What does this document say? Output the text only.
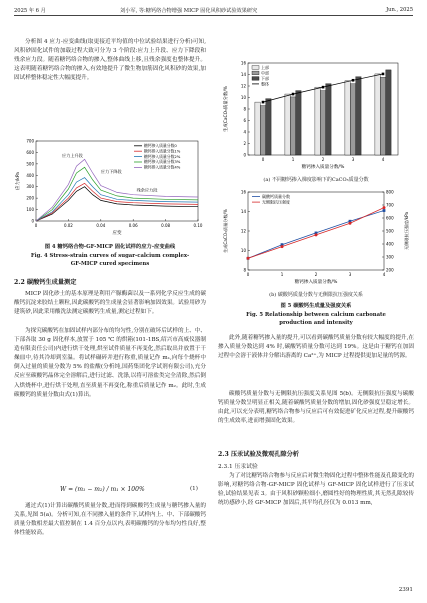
2025 年 6 月	刘小军, 等:糖钙络合物增强 MICP 固化风积砂试验效果研究	Jun., 2025

分析图 4 应力-应变曲线(取更接近平均值的中位试验结果进行分析)可知,风积砂固化试件的加载过程大致可分为 3 个阶段:应力上升段、应力下降段和残余应力段。随着糖钙络合物的掺入,整体曲线上移,且残余强度也整体提升。这表明随着糖钙络合物的掺入,有效地提升了微生物加筋固化风积砂的效果,加固试样整体稳定性大幅度提升。

0
100
200
300
400
500
600
700
0	0.02	0.04	0.06	0.08	0.10
应力/kPa
应变
应力上升段
应力下降段
残余应力段
糖钙掺入质量分数0
糖钙掺入质量分数1%
糖钙掺入质量分数2%
糖钙掺入质量分数3%
糖钙掺入质量分数4%
图 4 糖钙络合物-GF-MICP 固化试样的应力-应变曲线
Fig. 4 Stress-strain curves of sugar-calcium complex-
GF-MICP cured specimens
2.2 碳酸钙生成量测定

MICP 固化砂土的基本原理是利用产脲酶菌以及一系列化学反应生成的碳酸钙沉淀来胶结土颗粒,因此碳酸钙的生成量会显著影响加固效果。试验用砂为建筑砂,因此采用酸洗法测定碳酸钙生成量,测定过程如下。

为探究碳酸钙在加固试样内部分布的均匀性,分别在破坏后试样的上、中、下部各取 30 g 固化样本,放置于 105 ℃ 的烘箱(101-1BS,绍兴市高威仪器制造有限责任公司)内进行烘干处理,烘至试件质量不再变化,然后取出并放置于干燥皿中,待其冷却到室温。将试样碾碎并进行称重,质量记作 m₁,向每个烧杯中倒入过量的质量分数为 5% 的盐酸(分析纯,国药集团化学试剂有限公司),充分反应至碳酸钙晶体完全溶解后,进行过滤、洗涤,以将可溶盐类完全清除,然后倒入烘烧杯中,进行烘干处理,直至质量不再变化,称重后质量记作 m₂。此时,生成碳酸钙的质量分数由式(1)算出。

W = (m₁ − m₂) / m₁ × 100%	(1)

通过式(1)计算出碳酸钙质量分数,进而得到碳酸钙生成量与糖钙掺入量的关系,见图 5(a)。分析可知,在不同掺入量的条件下,试样内上、中、下部碳酸钙质量分数相差最大值控制在 1.4 百分点以内,表明碳酸钙的分布均匀性良好,整体性能较高。

0
2
4
6
8
10
12
14
16
生成CaCO₃质量分数/%
0	1	2	3	4
糖钙掺入质量分数/%
上部
中部
下部
整体
(a) 不同糖钙掺入梯度影响下的CaCO₃质量分数
8
10
12
14
16
200
300
400
500
600
700
800
0	1	2	3	4
生成CaCO₃质量分数/%	无侧限抗压强度/kPa
糖钙掺入质量分数/%
碳酸钙质量分数
无侧限抗压强度
(b) 碳酸钙质量分数与无侧限抗压强度关系
图 5 碳酸钙生成量及强度关系
Fig. 5 Relationship between calcium carbonate
production and intensity

此外,随着糖钙掺入量的提升,可以看到碳酸钙质量分数有较大幅度的提升,在掺入质量分数达到 4% 时,碳酸钙质量分数可达到 19%。这是由于糖钙在加固过程中会溶于液体并分解出游离的 Ca²⁺,为 MICP 过程提供更加足量的钙源。

碳酸钙质量分数与无侧限抗压强度关系见图 5(b)。无侧限抗压强度与碳酸钙质量分数呈明显正相关,随着碳酸钙质量分数的增加,固化砂强度呈稳定增长。由此,可以充分表明,糖钙络合物参与反应后可有效促进矿化反应过程,提升碳酸钙的生成效率,进而增强固化效果。

2.3 压汞试验及微观孔隙分析
2.3.1 压汞试验

为了对比糖钙络合物参与反应后对微生物固化过程中整体性能及孔隙变化的影响,对糖钙络合物-GF-MICP 固化试样与 GF-MICP 固化试样进行了压汞试验,试验结果见表 3。由于风积砂颗粒细小,磨圆性好的物理性质,其无然孔隙较传统坊感砂小,经 GF-MICP 加固后,其平均孔径仅为 0.013 mm,

2391
